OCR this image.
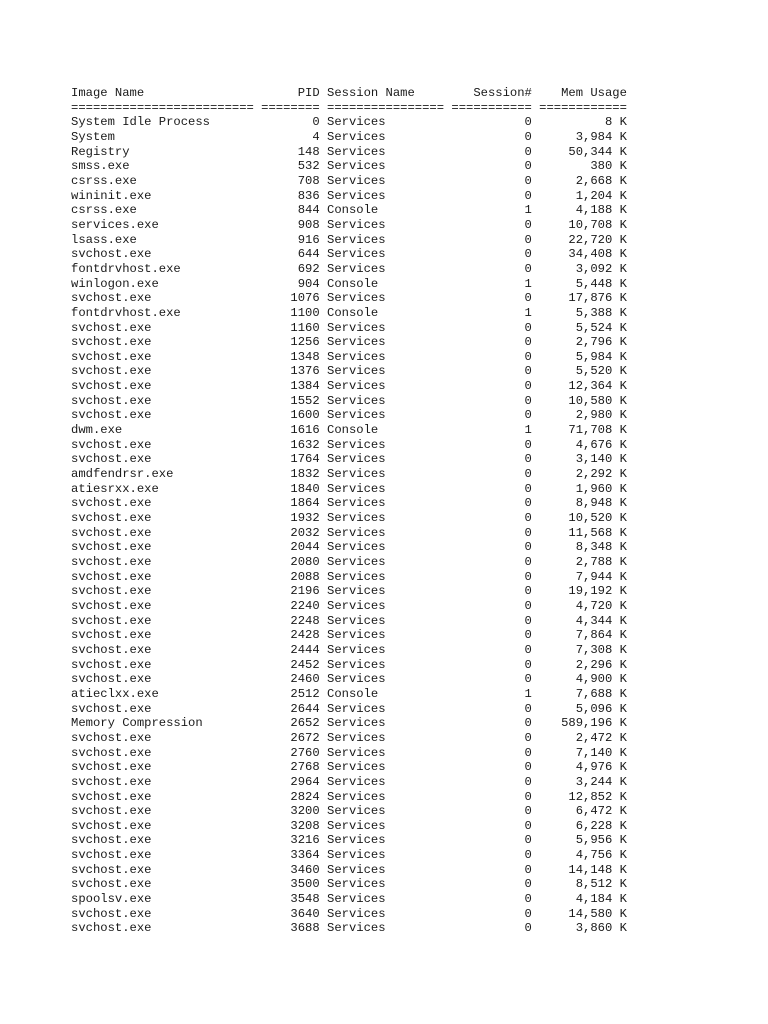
Image Name                     PID Session Name        Session#    Mem Usage
========================= ======== ================ =========== ============
System Idle Process              0 Services                   0          8 K
System                           4 Services                   0      3,984 K
Registry                       148 Services                   0     50,344 K
smss.exe                       532 Services                   0        380 K
csrss.exe                      708 Services                   0      2,668 K
wininit.exe                    836 Services                   0      1,204 K
csrss.exe                      844 Console                    1      4,188 K
services.exe                   908 Services                   0     10,708 K
lsass.exe                      916 Services                   0     22,720 K
svchost.exe                    644 Services                   0     34,408 K
fontdrvhost.exe                692 Services                   0      3,092 K
winlogon.exe                   904 Console                    1      5,448 K
svchost.exe                   1076 Services                   0     17,876 K
fontdrvhost.exe               1100 Console                    1      5,388 K
svchost.exe                   1160 Services                   0      5,524 K
svchost.exe                   1256 Services                   0      2,796 K
svchost.exe                   1348 Services                   0      5,984 K
svchost.exe                   1376 Services                   0      5,520 K
svchost.exe                   1384 Services                   0     12,364 K
svchost.exe                   1552 Services                   0     10,580 K
svchost.exe                   1600 Services                   0      2,980 K
dwm.exe                       1616 Console                    1     71,708 K
svchost.exe                   1632 Services                   0      4,676 K
svchost.exe                   1764 Services                   0      3,140 K
amdfendrsr.exe                1832 Services                   0      2,292 K
atiesrxx.exe                  1840 Services                   0      1,960 K
svchost.exe                   1864 Services                   0      8,948 K
svchost.exe                   1932 Services                   0     10,520 K
svchost.exe                   2032 Services                   0     11,568 K
svchost.exe                   2044 Services                   0      8,348 K
svchost.exe                   2080 Services                   0      2,788 K
svchost.exe                   2088 Services                   0      7,944 K
svchost.exe                   2196 Services                   0     19,192 K
svchost.exe                   2240 Services                   0      4,720 K
svchost.exe                   2248 Services                   0      4,344 K
svchost.exe                   2428 Services                   0      7,864 K
svchost.exe                   2444 Services                   0      7,308 K
svchost.exe                   2452 Services                   0      2,296 K
svchost.exe                   2460 Services                   0      4,900 K
atieclxx.exe                  2512 Console                    1      7,688 K
svchost.exe                   2644 Services                   0      5,096 K
Memory Compression            2652 Services                   0    589,196 K
svchost.exe                   2672 Services                   0      2,472 K
svchost.exe                   2760 Services                   0      7,140 K
svchost.exe                   2768 Services                   0      4,976 K
svchost.exe                   2964 Services                   0      3,244 K
svchost.exe                   2824 Services                   0     12,852 K
svchost.exe                   3200 Services                   0      6,472 K
svchost.exe                   3208 Services                   0      6,228 K
svchost.exe                   3216 Services                   0      5,956 K
svchost.exe                   3364 Services                   0      4,756 K
svchost.exe                   3460 Services                   0     14,148 K
svchost.exe                   3500 Services                   0      8,512 K
spoolsv.exe                   3548 Services                   0      4,184 K
svchost.exe                   3640 Services                   0     14,580 K
svchost.exe                   3688 Services                   0      3,860 K
